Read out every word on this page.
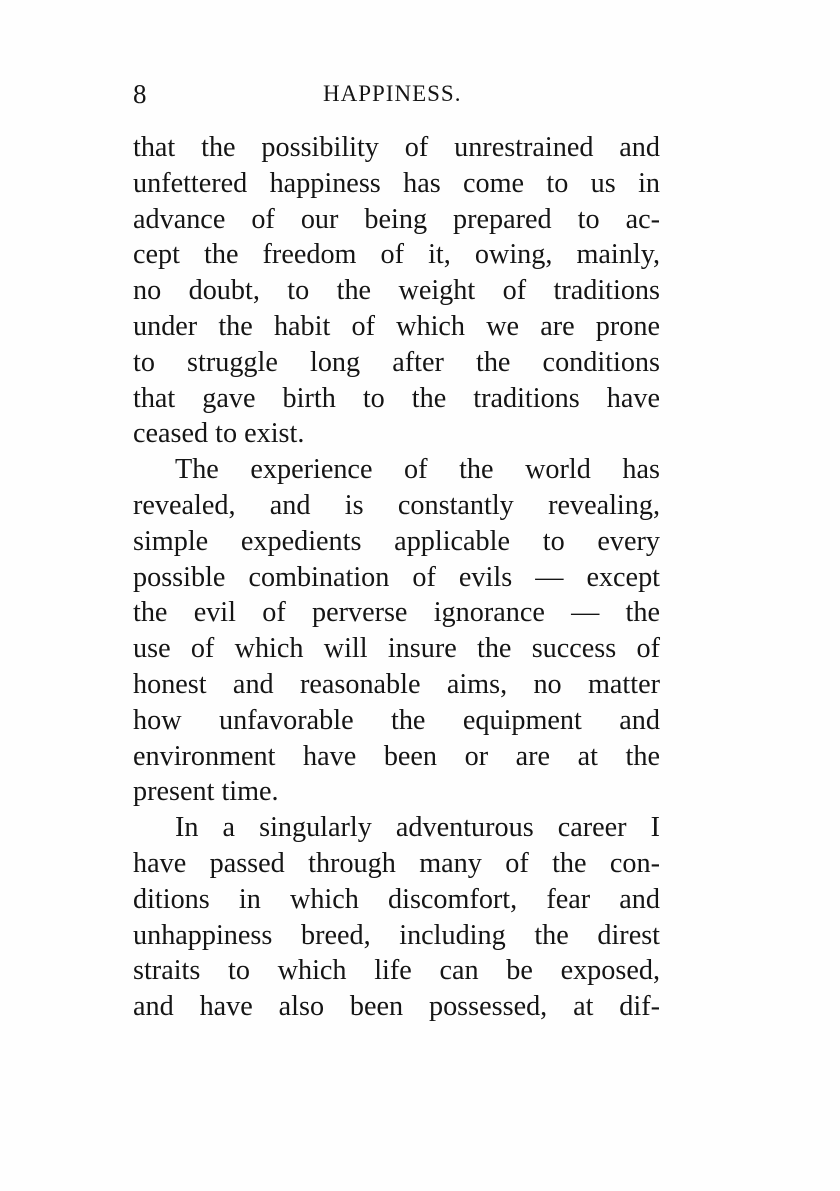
8	HAPPINESS.
that the possibility of unrestrained and
unfettered happiness has come to us in
advance of our being prepared to ac-
cept the freedom of it, owing, mainly,
no doubt, to the weight of traditions
under the habit of which we are prone
to struggle long after the conditions
that gave birth to the traditions have
ceased to exist.
The experience of the world has
revealed, and is constantly revealing,
simple expedients applicable to every
possible combination of evils — except
the evil of perverse ignorance — the
use of which will insure the success of
honest and reasonable aims, no matter
how unfavorable the equipment and
environment have been or are at the
present time.
In a singularly adventurous career I
have passed through many of the con-
ditions in which discomfort, fear and
unhappiness breed, including the direst
straits to which life can be exposed,
and have also been possessed, at dif-
